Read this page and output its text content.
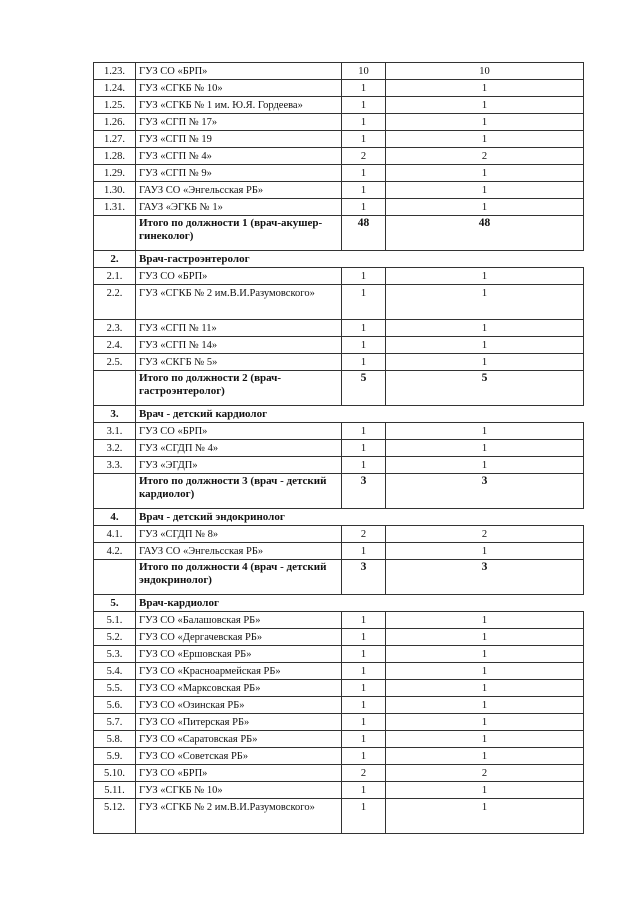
1.23.	ГУЗ СО «БРП»	10	10
1.24.	ГУЗ «СГКБ № 10»	1	1
1.25.	ГУЗ «СГКБ № 1 им. Ю.Я. Гордеева»	1	1
1.26.	ГУЗ «СГП № 17»	1	1
1.27.	ГУЗ «СГП № 19	1	1
1.28.	ГУЗ «СГП № 4»	2	2
1.29.	ГУЗ «СГП № 9»	1	1
1.30.	ГАУЗ СО «Энгельсская РБ»	1	1
1.31.	ГАУЗ «ЭГКБ № 1»	1	1
	Итого по должности 1 (врач-акушер-гинеколог)	48	48
2.	Врач-гастроэнтеролог		
2.1.	ГУЗ СО «БРП»	1	1
2.2.	ГУЗ «СГКБ № 2 им.В.И.Разумовского»	1	1
2.3.	ГУЗ «СГП № 11»	1	1
2.4.	ГУЗ «СГП № 14»	1	1
2.5.	ГУЗ «СКГБ № 5»	1	1
	Итого по должности 2 (врач-гастроэнтеролог)	5	5
3.	Врач - детский кардиолог		
3.1.	ГУЗ СО «БРП»	1	1
3.2.	ГУЗ «СГДП № 4»	1	1
3.3.	ГУЗ «ЭГДП»	1	1
	Итого по должности 3 (врач - детский кардиолог)	3	3
4.	Врач - детский эндокринолог		
4.1.	ГУЗ «СГДП № 8»	2	2
4.2.	ГАУЗ СО «Энгельсская РБ»	1	1
	Итого по должности 4 (врач - детский эндокринолог)	3	3
5.	Врач-кардиолог		
5.1.	ГУЗ СО «Балашовская РБ»	1	1
5.2.	ГУЗ СО «Дергачевская РБ»	1	1
5.3.	ГУЗ СО «Ершовская РБ»	1	1
5.4.	ГУЗ СО «Красноармейская РБ»	1	1
5.5.	ГУЗ СО «Марксовская РБ»	1	1
5.6.	ГУЗ СО «Озинская РБ»	1	1
5.7.	ГУЗ СО «Питерская РБ»	1	1
5.8.	ГУЗ СО «Саратовская РБ»	1	1
5.9.	ГУЗ СО «Советская РБ»	1	1
5.10.	ГУЗ СО «БРП»	2	2
5.11.	ГУЗ «СГКБ № 10»	1	1
5.12.	ГУЗ «СГКБ № 2 им.В.И.Разумовского»	1	1
